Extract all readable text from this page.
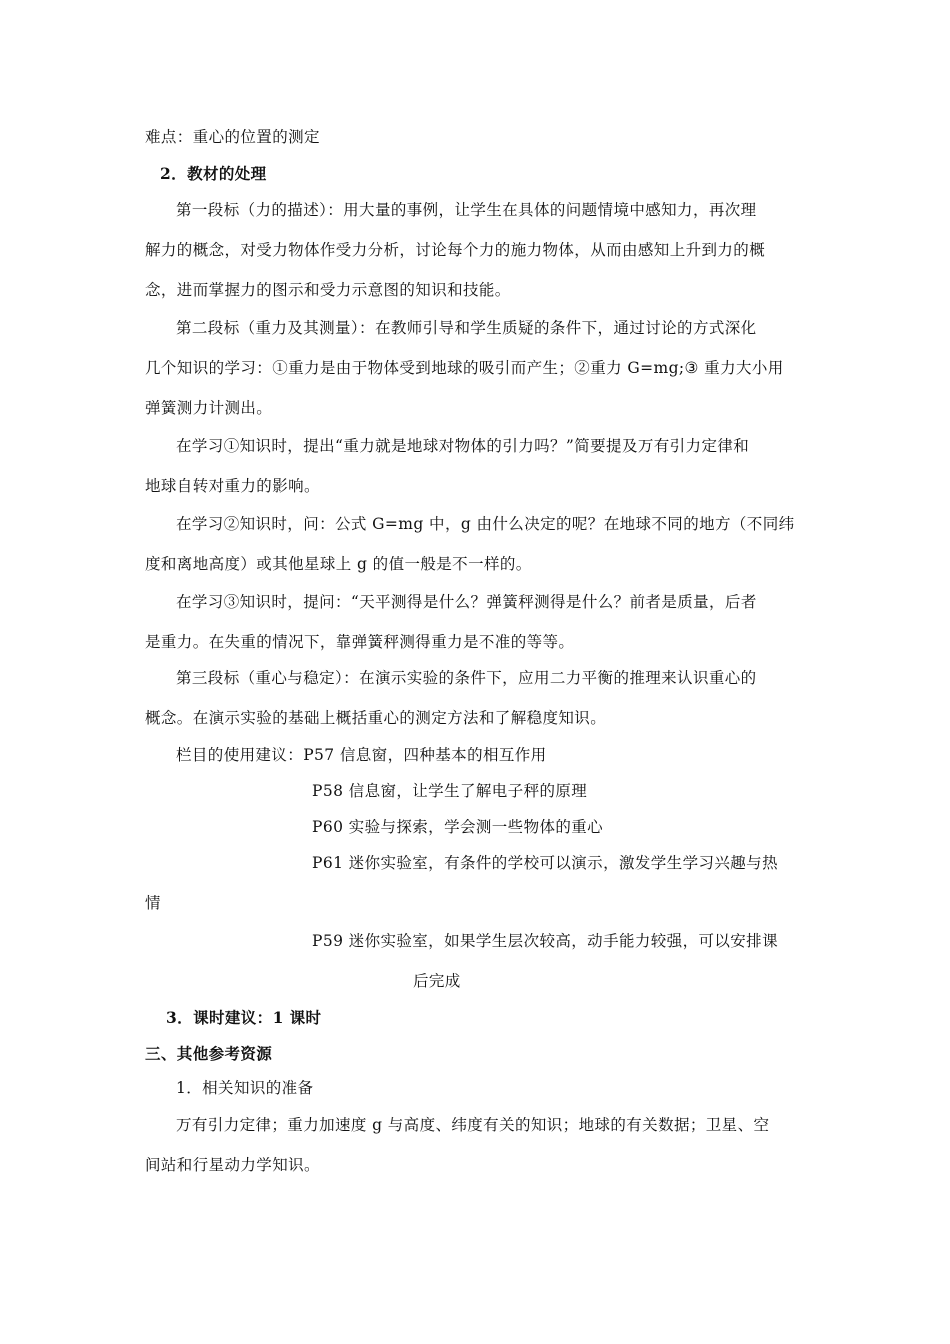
难点：重心的位置的测定
2．教材的处理
第一段标（力的描述）：用大量的事例，让学生在具体的问题情境中感知力，再次理
解力的概念，对受力物体作受力分析，讨论每个力的施力物体，从而由感知上升到力的概
念，进而掌握力的图示和受力示意图的知识和技能。
第二段标（重力及其测量）：在教师引导和学生质疑的条件下，通过讨论的方式深化
几个知识的学习：①重力是由于物体受到地球的吸引而产生；②重力 G=mg;③ 重力大小用
弹簧测力计测出。
在学习①知识时，提出“重力就是地球对物体的引力吗？”简要提及万有引力定律和
地球自转对重力的影响。
在学习②知识时，问：公式 G=mg 中，g 由什么决定的呢？在地球不同的地方（不同纬
度和离地高度）或其他星球上 g 的值一般是不一样的。
在学习③知识时，提问：“天平测得是什么？弹簧秤测得是什么？前者是质量，后者
是重力。在失重的情况下，靠弹簧秤测得重力是不准的等等。
第三段标（重心与稳定）：在演示实验的条件下，应用二力平衡的推理来认识重心的
概念。在演示实验的基础上概括重心的测定方法和了解稳度知识。
栏目的使用建议：P57 信息窗，四种基本的相互作用
P58 信息窗，让学生了解电子秤的原理
P60 实验与探索，学会测一些物体的重心
P61 迷你实验室，有条件的学校可以演示，激发学生学习兴趣与热
情
P59 迷你实验室，如果学生层次较高，动手能力较强，可以安排课
后完成
3．课时建议：1 课时
三、其他参考资源
1．相关知识的准备
万有引力定律；重力加速度 g 与高度、纬度有关的知识；地球的有关数据；卫星、空
间站和行星动力学知识。
